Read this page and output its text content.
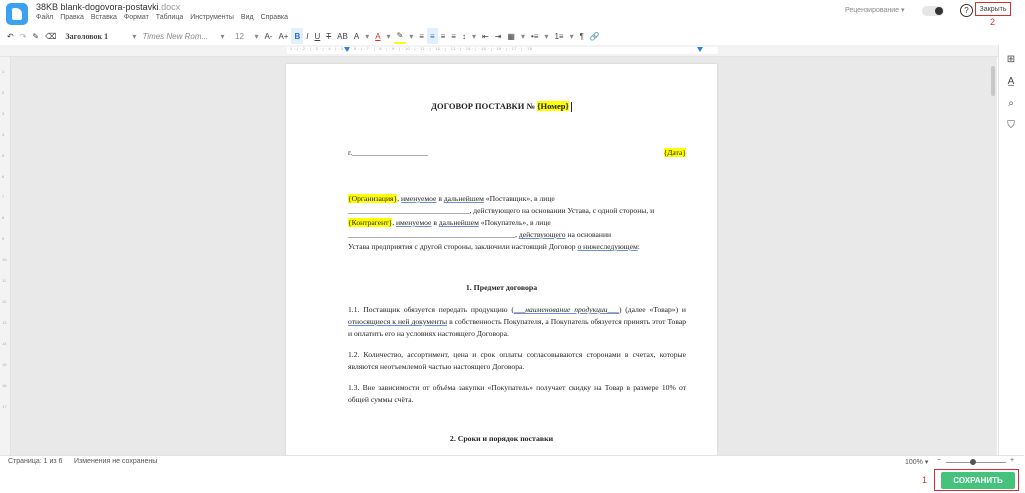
38KB blank-dogovora-postavki.docx
Файл Правка Вставка Формат Таблица Инструменты Вид Справка
Рецензирование ▾	?	Закрыть
2
↶ ↷ ✎ ⌫	Заголовок 1	▾ Times New Rom...	▾	12	▾ A- A+ B I U T AB A ▾ A ▾ ✎ ▾ ≡ ≡ ≡ ≡ ↕ ▾ ⇤ ⇥ ▦ ▾ •≡ ▾ 1≡ ▾ ¶ 🔗
1 · | · 2 · | · 3 · | · 4 · | · 5 · | · 6 · | · 7 · | · 8 · | · 9 · | · 10 · | · 11 · | · 12 · | · 13 · | · 14 · | · 15 · | · 16 · | · 17 · | · 18
1
2
3
4
5
6
7
8
9
10
11
12
13
14
15
16
17
ДОГОВОР ПОСТАВКИ № {Номер}
г.____________________	{Дата}
{Организация}, именуемое в дальнейшем «Поставщик», в лице
________________________________, действующего на основании Устава, с одной стороны, и
{Контрагент}, именуемое в дальнейшем «Покупатель», в лице
____________________________________________, действующего на основании
Устава предприятия с другой стороны, заключили настоящий Договор о нижеследующем:
1. Предмет договора
1.1. Поставщик обязуется передать продукцию (___наименование продукции___) (далее «Товар») и относящиеся к ней документы в собственность Покупателя, а Покупатель обязуется принять этот Товар и оплатить его на условиях настоящего Договора.
1.2. Количество, ассортимент, цена и срок оплаты согласовываются сторонами в счетах, которые являются неотъемлемой частью настоящего Договора.
1.3. Вне зависимости от объёма закупки «Покупатель» получает скидку на Товар в размере 10% от общей суммы счёта.
2. Сроки и порядок поставки
⊞
A̲
⌕
⛉
Страница: 1 из 6 Изменения не сохранены	100% ▾ −	+
1	СОХРАНИТЬ
